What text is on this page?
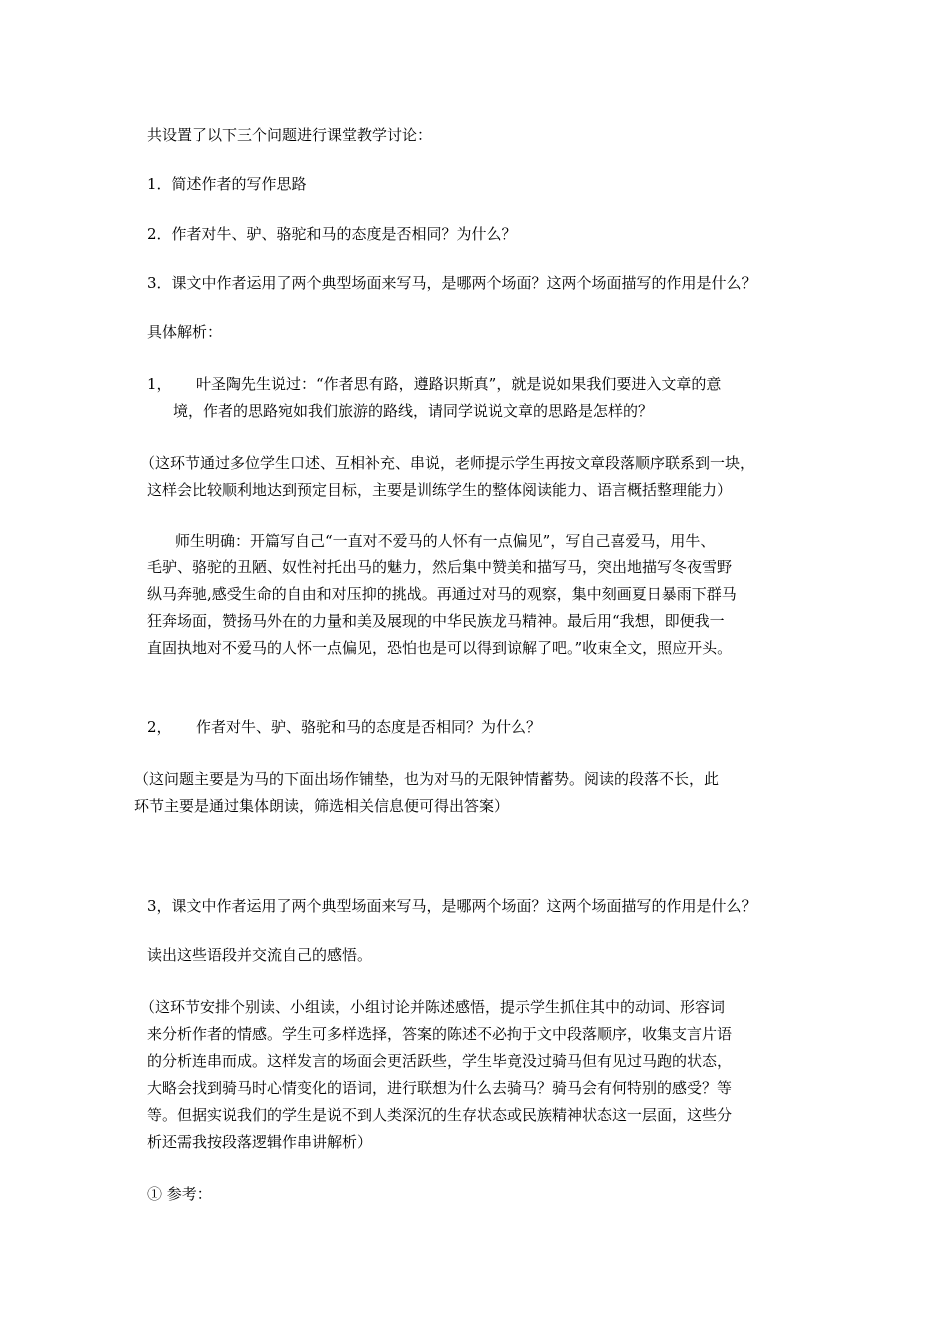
共设置了以下三个问题进行课堂教学讨论：

1．简述作者的写作思路

2．作者对牛、驴、骆驼和马的态度是否相同？为什么？

3．课文中作者运用了两个典型场面来写马，是哪两个场面？这两个场面描写的作用是什么？

具体解析：

1， 叶圣陶先生说过：“作者思有路，遵路识斯真”，就是说如果我们要进入文章的意

境，作者的思路宛如我们旅游的路线，请同学说说文章的思路是怎样的？

（这环节通过多位学生口述、互相补充、串说，老师提示学生再按文章段落顺序联系到一块，

这样会比较顺利地达到预定目标，主要是训练学生的整体阅读能力、语言概括整理能力）

师生明确：开篇写自己“一直对不爱马的人怀有一点偏见”，写自己喜爱马，用牛、

毛驴、骆驼的丑陋、奴性衬托出马的魅力，然后集中赞美和描写马，突出地描写冬夜雪野

纵马奔驰,感受生命的自由和对压抑的挑战。再通过对马的观察，集中刻画夏日暴雨下群马

狂奔场面，赞扬马外在的力量和美及展现的中华民族龙马精神。最后用“我想，即便我一

直固执地对不爱马的人怀一点偏见，恐怕也是可以得到谅解了吧。”收束全文，照应开头。

2， 作者对牛、驴、骆驼和马的态度是否相同？为什么？

（这问题主要是为马的下面出场作铺垫，也为对马的无限钟情蓄势。阅读的段落不长，此

环节主要是通过集体朗读，筛选相关信息便可得出答案）

3，课文中作者运用了两个典型场面来写马，是哪两个场面？这两个场面描写的作用是什么？

读出这些语段并交流自己的感悟。

（这环节安排个别读、小组读，小组讨论并陈述感悟，提示学生抓住其中的动词、形容词

来分析作者的情感。学生可多样选择，答案的陈述不必拘于文中段落顺序，收集支言片语

的分析连串而成。这样发言的场面会更活跃些，学生毕竟没过骑马但有见过马跑的状态，

大略会找到骑马时心情变化的语词，进行联想为什么去骑马？骑马会有何特别的感受？等

等。但据实说我们的学生是说不到人类深沉的生存状态或民族精神状态这一层面，这些分

析还需我按段落逻辑作串讲解析）

① 参考：
